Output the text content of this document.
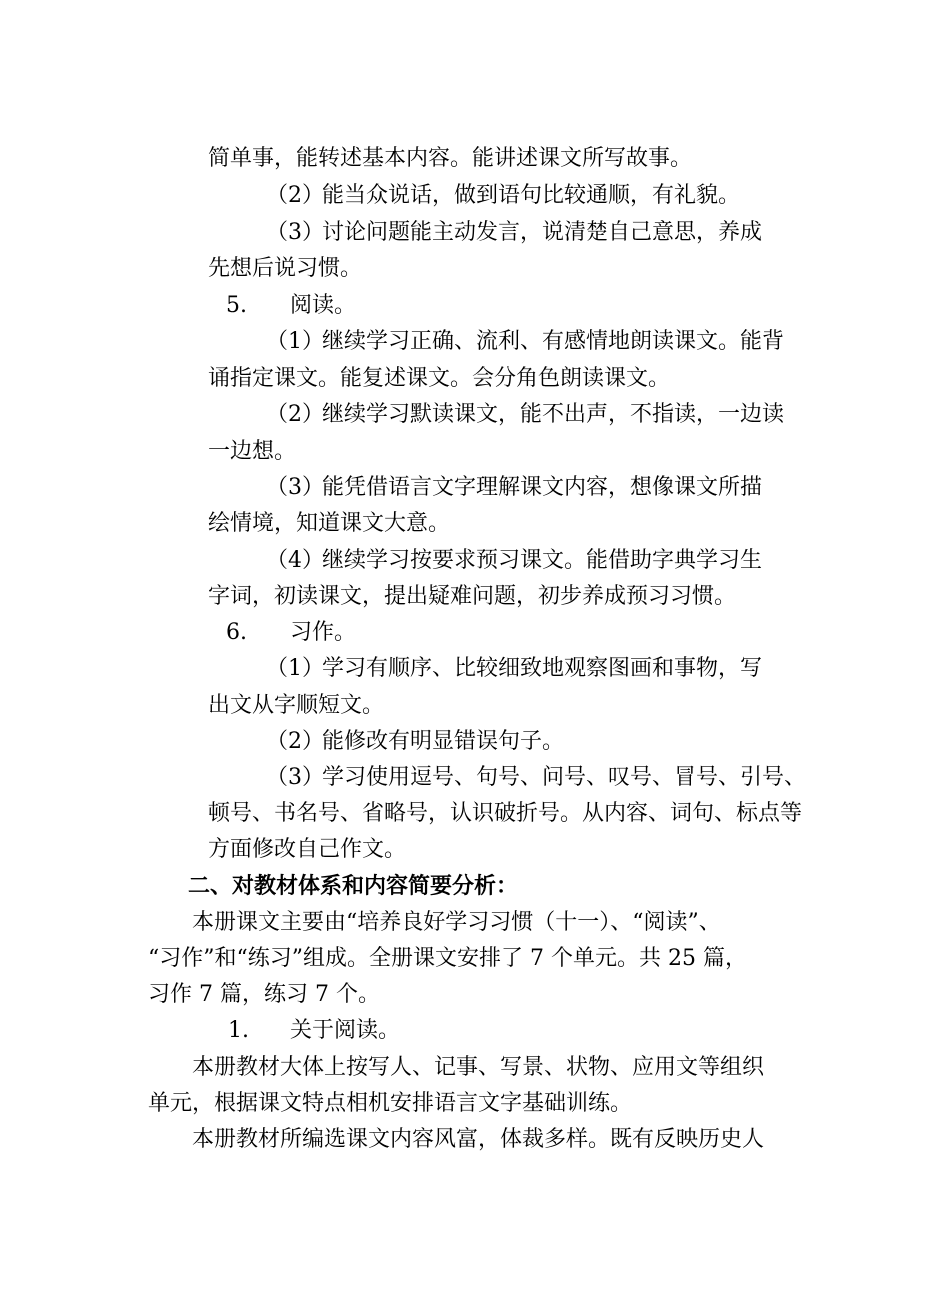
简单事，能转述基本内容。能讲述课文所写故事。
（2）能当众说话，做到语句比较通顺，有礼貌。
（3）讨论问题能主动发言，说清楚自己意思，养成
先想后说习惯。
5. 阅读。
（1）继续学习正确、流利、有感情地朗读课文。能背
诵指定课文。能复述课文。会分角色朗读课文。
（2）继续学习默读课文，能不出声，不指读，一边读
一边想。
（3）能凭借语言文字理解课文内容，想像课文所描
绘情境，知道课文大意。
（4）继续学习按要求预习课文。能借助字典学习生
字词，初读课文，提出疑难问题，初步养成预习习惯。
6. 习作。
（1）学习有顺序、比较细致地观察图画和事物，写
出文从字顺短文。
（2）能修改有明显错误句子。
（3）学习使用逗号、句号、问号、叹号、冒号、引号、
顿号、书名号、省略号，认识破折号。从内容、词句、标点等
方面修改自己作文。
二、对教材体系和内容简要分析：
本册课文主要由“培养良好学习习惯（十一）、“阅读”、
“习作”和“练习”组成。全册课文安排了 7 个单元。共 25 篇，
习作 7 篇，练习 7 个。
1. 关于阅读。
本册教材大体上按写人、记事、写景、状物、应用文等组织
单元，根据课文特点相机安排语言文字基础训练。
本册教材所编选课文内容风富，体裁多样。既有反映历史人
